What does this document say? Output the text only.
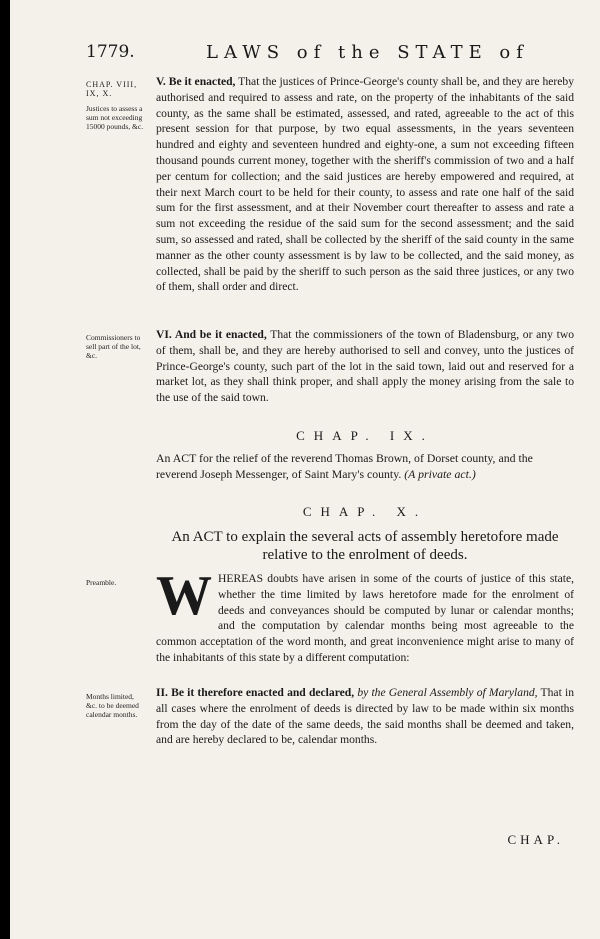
1779.	LAWS of the STATE of
CHAP. VIII, IX, X.
Justices to assess a sum not exceeding 15000 pounds, &c.
Commissioners to sell part of the lot, &c.
Preamble.
Months limited, &c. to be deemed calendar months.
V. Be it enacted, That the justices of Prince-George's county shall be, and they are hereby authorised and required to assess and rate, on the property of the inhabitants of the said county, as the same shall be estimated, assessed, and rated, agreeable to the act of this present session for that purpose, by two equal assessments, in the years seventeen hundred and eighty and seventeen hundred and eighty-one, a sum not exceeding fifteen thousand pounds current money, together with the sheriff's commission of two and a half per centum for collection; and the said justices are hereby empowered and required, at their next March court to be held for their county, to assess and rate one half of the said sum for the first assessment, and at their November court thereafter to assess and rate a sum not exceeding the residue of the said sum for the second assessment; and the said sum, so assessed and rated, shall be collected by the sheriff of the said county in the same manner as the other county assessment is by law to be collected, and the said money, as collected, shall be paid by the sheriff to such person as the said three justices, or any two of them, shall order and direct.
VI. And be it enacted, That the commissioners of the town of Bladensburg, or any two of them, shall be, and they are hereby authorised to sell and convey, unto the justices of Prince-George's county, such part of the lot in the said town, laid out and reserved for a market lot, as they shall think proper, and shall apply the money arising from the sale to the use of the said town.
CHAP. IX.
An ACT for the relief of the reverend Thomas Brown, of Dorset county, and the reverend Joseph Messenger, of Saint Mary's county. (A private act.)
CHAP. X.
An ACT to explain the several acts of assembly heretofore made relative to the enrolment of deeds.
W HEREAS doubts have arisen in some of the courts of justice of this state, whether the time limited by laws heretofore made for the enrolment of deeds and conveyances should be computed by lunar or calendar months; and the computation by calendar months being most agreeable to the common acceptation of the word month, and great inconvenience might arise to many of the inhabitants of this state by a different computation:
II. Be it therefore enacted and declared, by the General Assembly of Maryland, That in all cases where the enrolment of deeds is directed by law to be made within six months from the day of the date of the same deeds, the said months shall be deemed and taken, and are hereby declared to be, calendar months.
CHAP.
